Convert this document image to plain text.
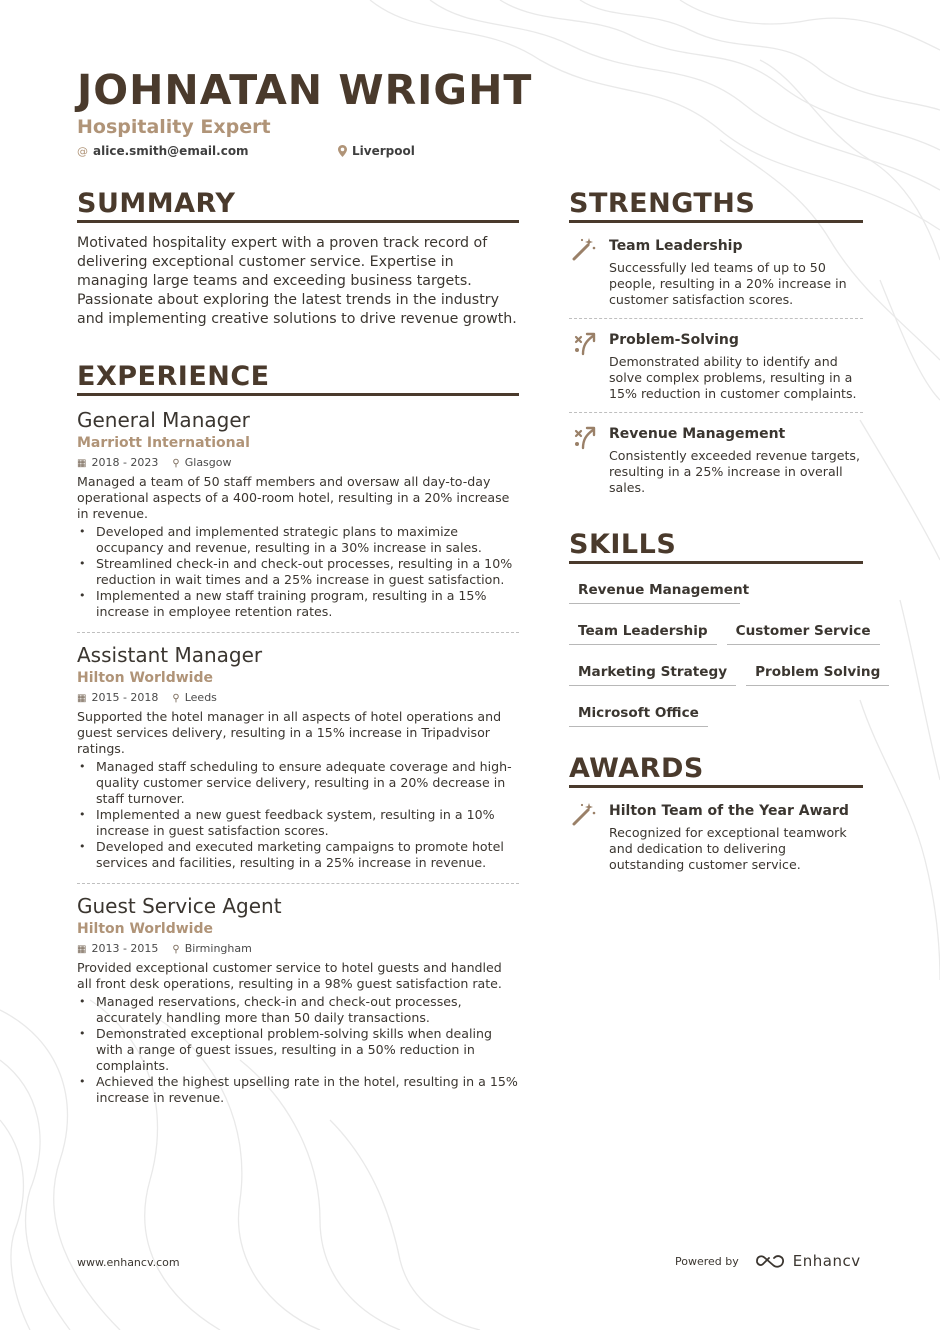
JOHNATAN WRIGHT
Hospitality Expert
@ alice.smith@email.com	Liverpool
SUMMARY
Motivated hospitality expert with a proven track record of delivering exceptional customer service. Expertise in managing large teams and exceeding business targets. Passionate about exploring the latest trends in the industry and implementing creative solutions to drive revenue growth.
EXPERIENCE
General Manager
Marriott International
▦ 2018 - 2023 ⚲ Glasgow
Managed a team of 50 staff members and oversaw all day-to-day operational aspects of a 400-room hotel, resulting in a 20% increase in revenue.
• Developed and implemented strategic plans to maximize occupancy and revenue, resulting in a 30% increase in sales.
• Streamlined check-in and check-out processes, resulting in a 10% reduction in wait times and a 25% increase in guest satisfaction.
• Implemented a new staff training program, resulting in a 15% increase in employee retention rates.
Assistant Manager
Hilton Worldwide
▦ 2015 - 2018 ⚲ Leeds
Supported the hotel manager in all aspects of hotel operations and guest services delivery, resulting in a 15% increase in Tripadvisor ratings.
• Managed staff scheduling to ensure adequate coverage and high-quality customer service delivery, resulting in a 20% decrease in staff turnover.
• Implemented a new guest feedback system, resulting in a 10% increase in guest satisfaction scores.
• Developed and executed marketing campaigns to promote hotel services and facilities, resulting in a 25% increase in revenue.
Guest Service Agent
Hilton Worldwide
▦ 2013 - 2015 ⚲ Birmingham
Provided exceptional customer service to hotel guests and handled all front desk operations, resulting in a 98% guest satisfaction rate.
• Managed reservations, check-in and check-out processes, accurately handling more than 50 daily transactions.
• Demonstrated exceptional problem-solving skills when dealing with a range of guest issues, resulting in a 50% reduction in complaints.
• Achieved the highest upselling rate in the hotel, resulting in a 15% increase in revenue.
STRENGTHS
Team Leadership
Successfully led teams of up to 50 people, resulting in a 20% increase in customer satisfaction scores.
Problem-Solving
Demonstrated ability to identify and solve complex problems, resulting in a 15% reduction in customer complaints.
Revenue Management
Consistently exceeded revenue targets, resulting in a 25% increase in overall sales.
SKILLS
Revenue Management
Team Leadership	Customer Service
Marketing Strategy	Problem Solving
Microsoft Office
AWARDS
Hilton Team of the Year Award
Recognized for exceptional teamwork and dedication to delivering outstanding customer service.
www.enhancv.com	Powered by	Enhancv
